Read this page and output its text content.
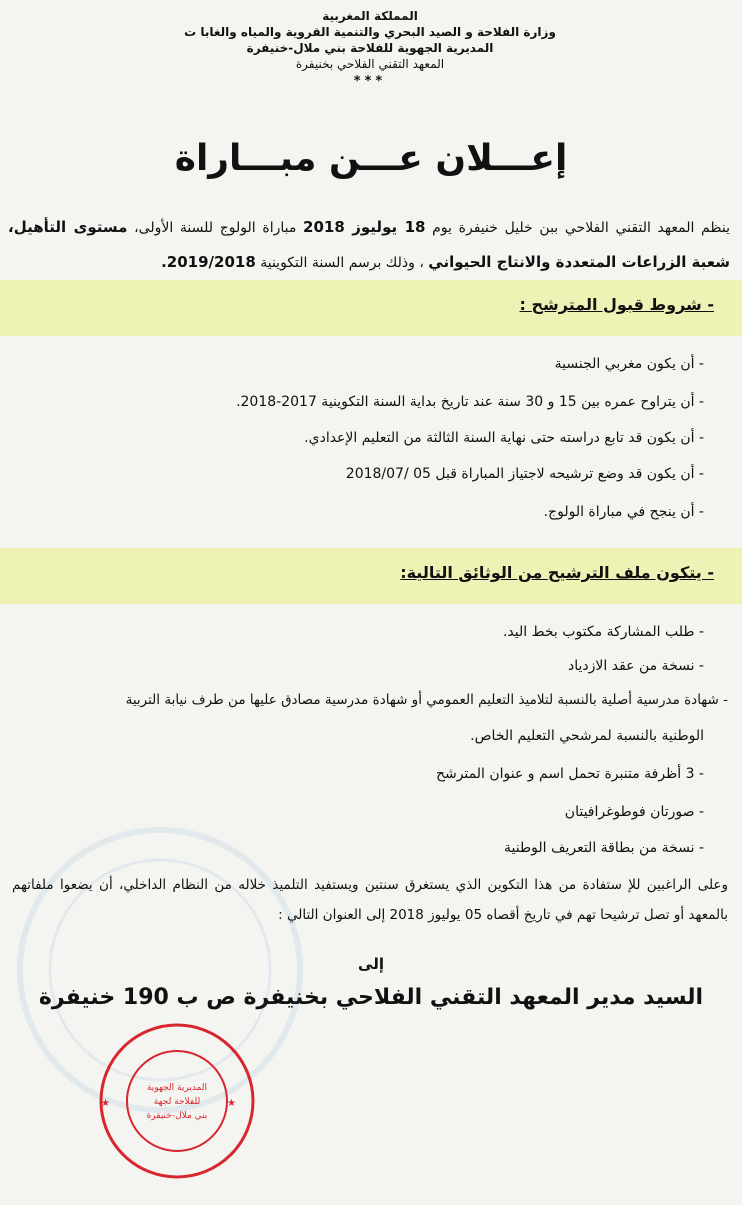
المملكة المغربية
وزارة الفلاحة و الصيد البحري والتنمية القروية والمياه والغابا ت
المديرية الجهوية للفلاحة بني ملال-خنيفرة
المعهد التقني الفلاحي بخنيفرة
***
إعـــلان عـــن مبـــاراة
ينظم المعهد التقني الفلاحي ببن خليل خنيفرة يوم 18 يوليوز 2018 مباراة الولوج للسنة الأولى، مستوى التأهيل، شعبة الزراعات المتعددة والانتاج الحيواني ، وذلك برسم السنة التكوينية 2019/2018.
- شروط قبول المترشح :
- أن يكون مغربي الجنسية
- أن يتراوح عمره بين 15 و 30 سنة عند تاريخ بداية السنة التكوينية 2017-2018.
- أن يكون قد تابع دراسته حتى نهاية السنة الثالثة من التعليم الإعدادي.
- أن يكون قد وضع ترشيحه لاجتياز المباراة قبل 05 /2018/07
- أن ينجح في مباراة الولوج.
- يتكون ملف الترشيح من الوثائق التالية:
- طلب المشاركة مكتوب بخط اليد.
- نسخة من عقد الازدياد
- شهادة مدرسية أصلية بالنسبة لتلاميذ التعليم العمومي أو شهادة مدرسية مصادق عليها من طرف نيابة التربية
الوطنية بالنسبة لمرشحي التعليم الخاص.
- 3 أظرفة متنبرة تحمل اسم و عنوان المترشح
- صورتان فوطوغرافيتان
- نسخة من بطاقة التعريف الوطنية
وعلى الراغبين للإ ستفادة من هذا التكوين الذي يستغرق سنتين ويستفيد التلميذ خلاله من النظام الداخلي، أن يضعوا ملفاتهم بالمعهد أو تصل ترشيحا تهم في تاريخ أقصاه 05 يوليوز 2018 إلى العنوان التالي :
إلى
السيد مدير المعهد التقني الفلاحي بخنيفرة ص ب 190 خنيفرة
★	★
المديرية الجهوية
للفلاحة لجهة
بني ملال-خنيفرة
